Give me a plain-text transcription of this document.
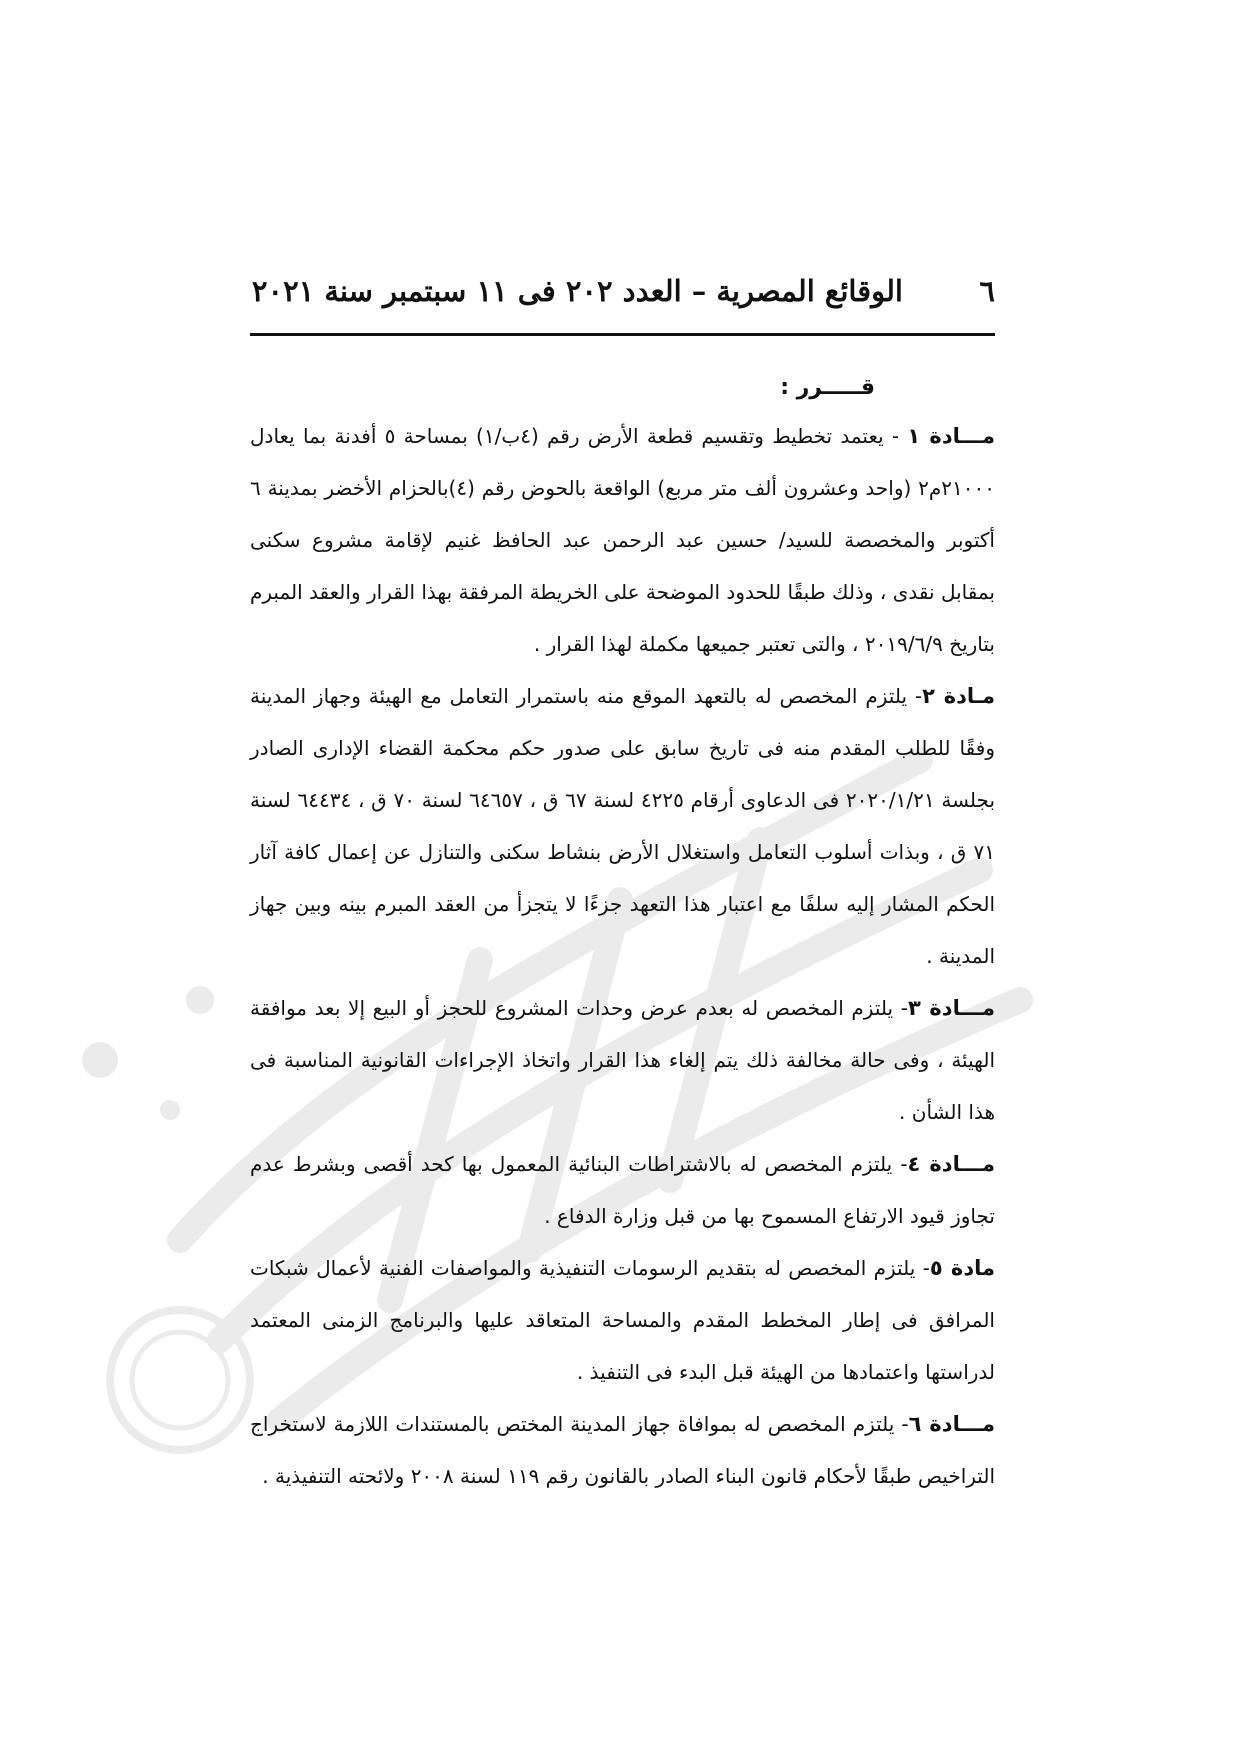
٦
الوقائع المصرية – العدد ٢٠٢ فى ١١ سبتمبر سنة ٢٠٢١
قـــــرر :

مـــادة ١ - يعتمد تخطيط وتقسيم قطعة الأرض رقم (٤ب/١) بمساحة ٥ أفدنة بما يعادل ٢١٠٠٠م٢ (واحد وعشرون ألف متر مربع) الواقعة بالحوض رقم (٤)بالحزام الأخضر بمدينة ٦ أكتوبر والمخصصة للسيد/ حسين عبد الرحمن عبد الحافظ غنيم لإقامة مشروع سكنى بمقابل نقدى ، وذلك طبقًا للحدود الموضحة على الخريطة المرفقة بهذا القرار والعقد المبرم بتاريخ ٢٠١٩/٦/٩ ، والتى تعتبر جميعها مكملة لهذا القرار .

مـادة ٢- يلتزم المخصص له بالتعهد الموقع منه باستمرار التعامل مع الهيئة وجهاز المدينة وفقًا للطلب المقدم منه فى تاريخ سابق على صدور حكم محكمة القضاء الإدارى الصادر بجلسة ٢٠٢٠/١/٢١ فى الدعاوى أرقام ٤٢٢٥ لسنة ٦٧ ق ، ٦٤٦٥٧ لسنة ٧٠ ق ، ٦٤٤٣٤ لسنة ٧١ ق ، وبذات أسلوب التعامل واستغلال الأرض بنشاط سكنى والتنازل عن إعمال كافة آثار الحكم المشار إليه سلفًا مع اعتبار هذا التعهد جزءًا لا يتجزأ من العقد المبرم بينه وبين جهاز المدينة .

مـــادة ٣- يلتزم المخصص له بعدم عرض وحدات المشروع للحجز أو البيع إلا بعد موافقة الهيئة ، وفى حالة مخالفة ذلك يتم إلغاء هذا القرار واتخاذ الإجراءات القانونية المناسبة فى هذا الشأن .

مـــادة ٤- يلتزم المخصص له بالاشتراطات البنائية المعمول بها كحد أقصى وبشرط عدم تجاوز قيود الارتفاع المسموح بها من قبل وزارة الدفاع .

مادة ٥- يلتزم المخصص له بتقديم الرسومات التنفيذية والمواصفات الفنية لأعمال شبكات المرافق فى إطار المخطط المقدم والمساحة المتعاقد عليها والبرنامج الزمنى المعتمد لدراستها واعتمادها من الهيئة قبل البدء فى التنفيذ .

مـــادة ٦- يلتزم المخصص له بموافاة جهاز المدينة المختص بالمستندات اللازمة لاستخراج التراخيص طبقًا لأحكام قانون البناء الصادر بالقانون رقم ١١٩ لسنة ٢٠٠٨ ولائحته التنفيذية .
